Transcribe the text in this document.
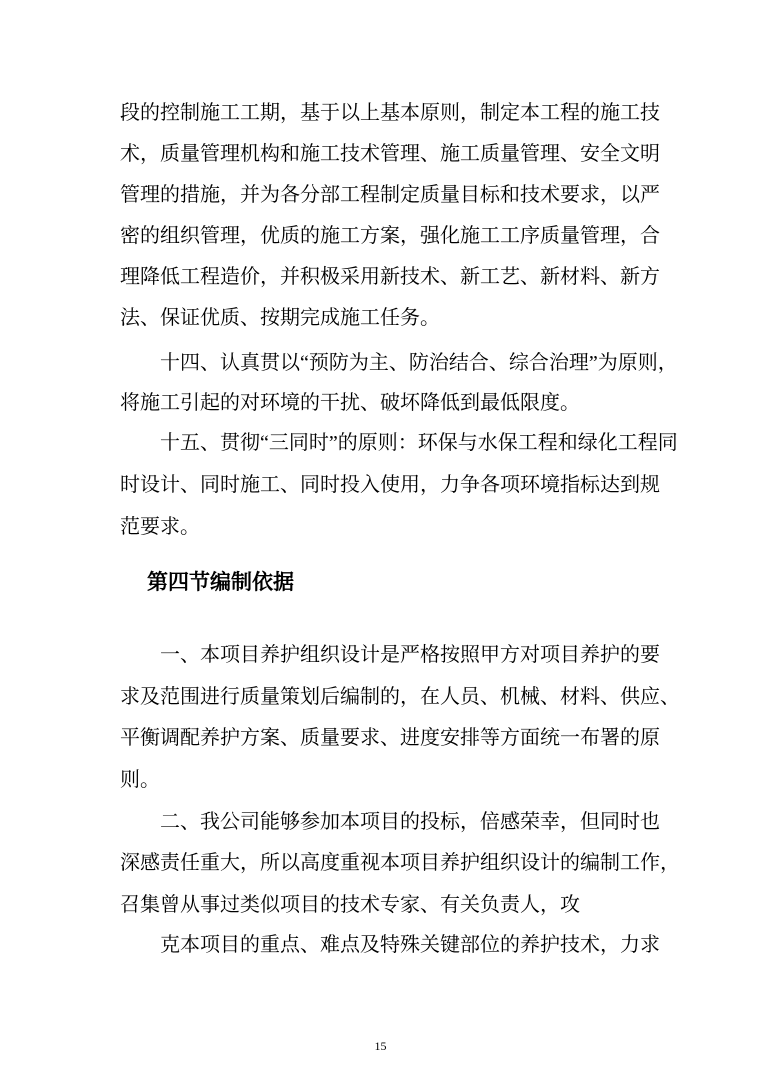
段的控制施工工期，基于以上基本原则，制定本工程的施工技
术，质量管理机构和施工技术管理、施工质量管理、安全文明
管理的措施，并为各分部工程制定质量目标和技术要求，以严
密的组织管理，优质的施工方案，强化施工工序质量管理，合
理降低工程造价，并积极采用新技术、新工艺、新材料、新方
法、保证优质、按期完成施工任务。
十四、认真贯以“预防为主、防治结合、综合治理”为原则，
将施工引起的对环境的干扰、破坏降低到最低限度。
十五、贯彻“三同时”的原则：环保与水保工程和绿化工程同
时设计、同时施工、同时投入使用，力争各项环境指标达到规
范要求。
第四节编制依据
一、本项目养护组织设计是严格按照甲方对项目养护的要
求及范围进行质量策划后编制的，在人员、机械、材料、供应、
平衡调配养护方案、质量要求、进度安排等方面统一布署的原
则。
二、我公司能够参加本项目的投标，倍感荣幸，但同时也
深感责任重大，所以高度重视本项目养护组织设计的编制工作，
召集曾从事过类似项目的技术专家、有关负责人，攻
克本项目的重点、难点及特殊关键部位的养护技术，力求
15
